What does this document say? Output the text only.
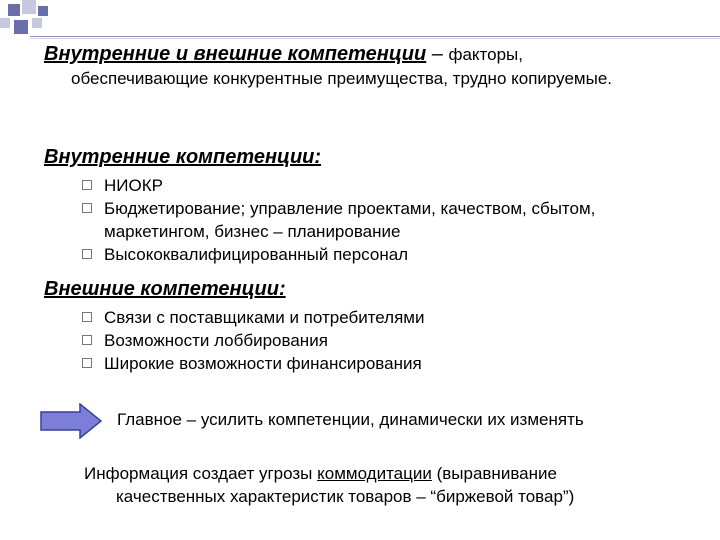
Внутренние и внешние компетенции – факторы,
обеспечивающие конкурентные преимущества, трудно копируемые.
Внутренние компетенции:
НИОКР
Бюджетирование; управление проектами, качеством, сбытом, маркетингом, бизнес – планирование
Высококвалифицированный персонал
Внешние компетенции:
Связи с поставщиками и потребителями
Возможности лоббирования
Широкие возможности финансирования
Главное – усилить компетенции, динамически их изменять
Информация создает угрозы коммодитации (выравнивание
качественных характеристик товаров – “биржевой товар”)
